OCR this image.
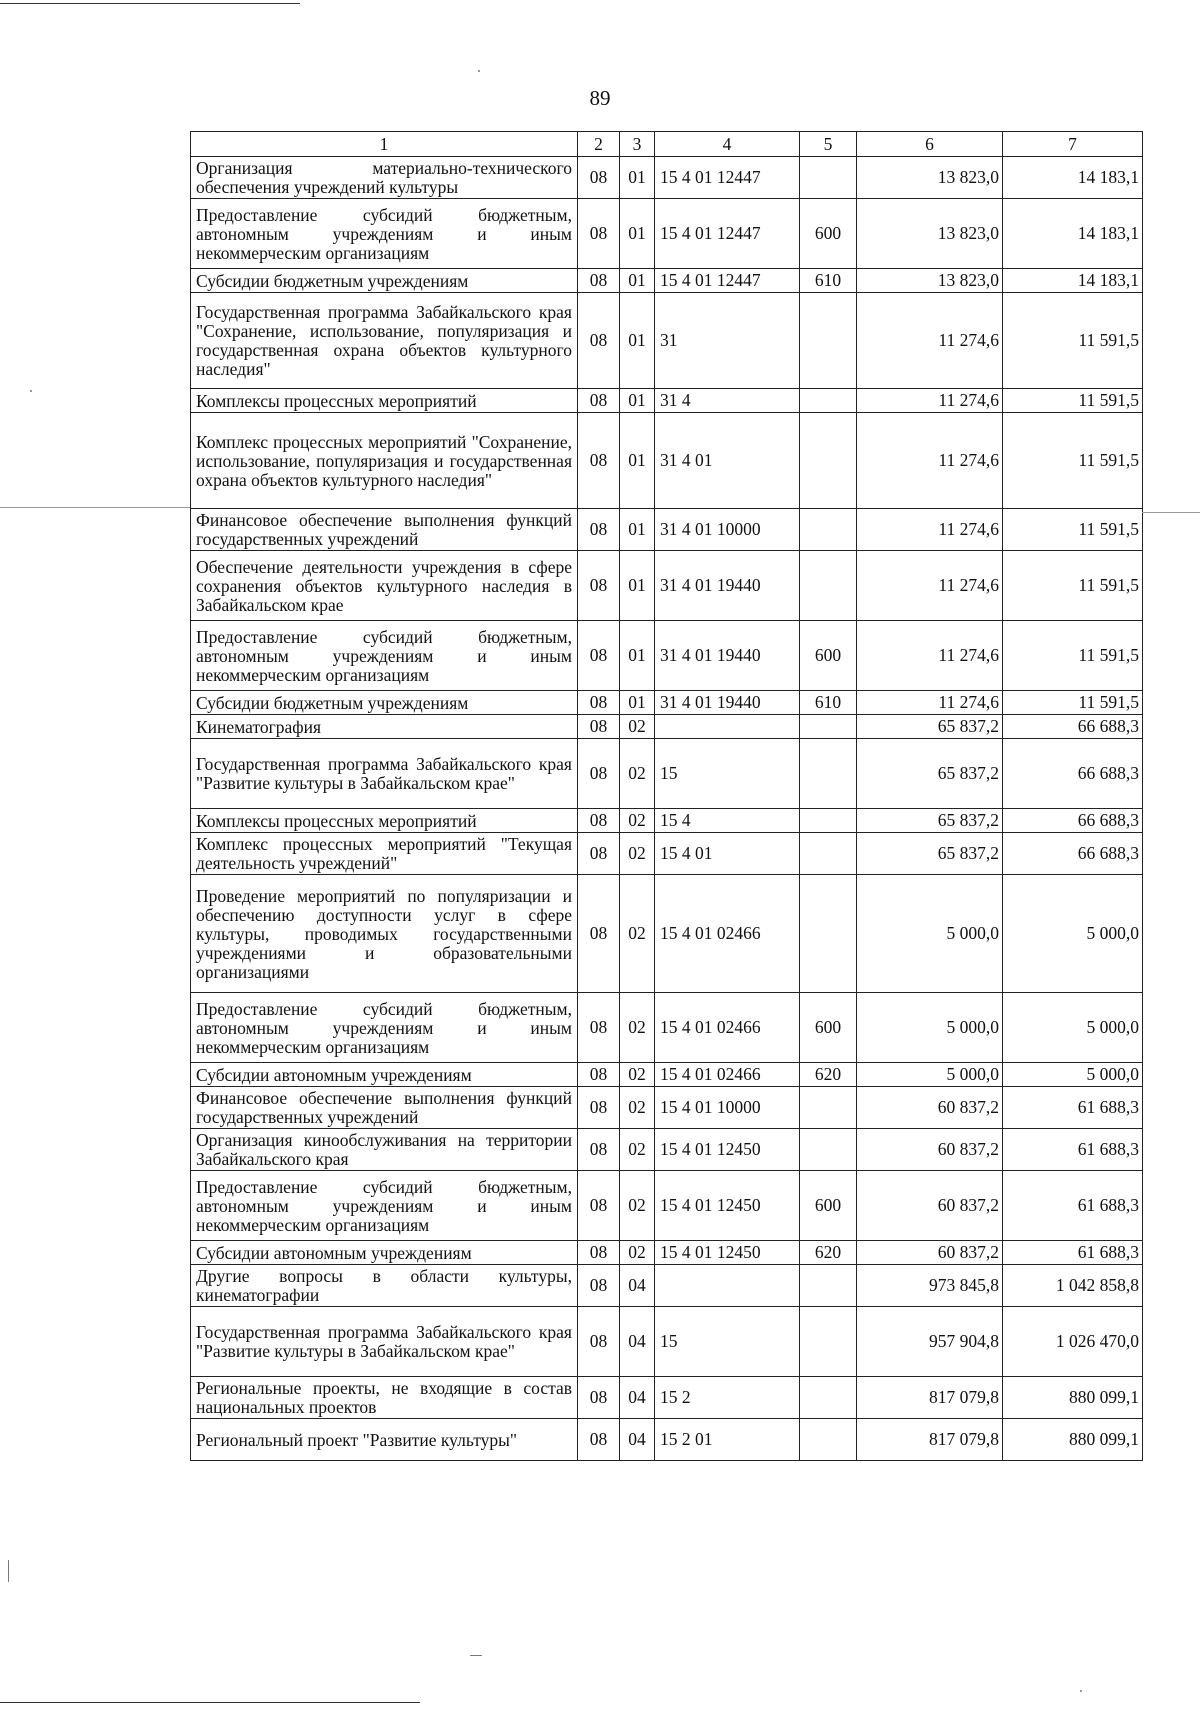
89
1	2	3	4	5	6	7
Организация материально-технического обеспечения учреждений культуры	08	01	15 4 01 12447		13 823,0	14 183,1
Предоставление субсидий бюджетным, автономным учреждениям и иным некоммерческим организациям	08	01	15 4 01 12447	600	13 823,0	14 183,1
Субсидии бюджетным учреждениям	08	01	15 4 01 12447	610	13 823,0	14 183,1
Государственная программа Забайкальского края "Сохранение, использование, популяризация и государственная охрана объектов культурного наследия"	08	01	31		11 274,6	11 591,5
Комплексы процессных мероприятий	08	01	31 4		11 274,6	11 591,5
Комплекс процессных мероприятий "Сохранение, использование, популяризация и государственная охрана объектов культурного наследия"	08	01	31 4 01		11 274,6	11 591,5
Финансовое обеспечение выполнения функций государственных учреждений	08	01	31 4 01 10000		11 274,6	11 591,5
Обеспечение деятельности учреждения в сфере сохранения объектов культурного наследия в Забайкальском крае	08	01	31 4 01 19440		11 274,6	11 591,5
Предоставление субсидий бюджетным, автономным учреждениям и иным некоммерческим организациям	08	01	31 4 01 19440	600	11 274,6	11 591,5
Субсидии бюджетным учреждениям	08	01	31 4 01 19440	610	11 274,6	11 591,5
Кинематография	08	02			65 837,2	66 688,3
Государственная программа Забайкальского края "Развитие культуры в Забайкальском крае"	08	02	15		65 837,2	66 688,3
Комплексы процессных мероприятий	08	02	15 4		65 837,2	66 688,3
Комплекс процессных мероприятий "Текущая деятельность учреждений"	08	02	15 4 01		65 837,2	66 688,3
Проведение мероприятий по популяризации и обеспечению доступности услуг в сфере культуры, проводимых государственными учреждениями и образовательными организациями	08	02	15 4 01 02466		5 000,0	5 000,0
Предоставление субсидий бюджетным, автономным учреждениям и иным некоммерческим организациям	08	02	15 4 01 02466	600	5 000,0	5 000,0
Субсидии автономным учреждениям	08	02	15 4 01 02466	620	5 000,0	5 000,0
Финансовое обеспечение выполнения функций государственных учреждений	08	02	15 4 01 10000		60 837,2	61 688,3
Организация кинообслуживания на территории Забайкальского края	08	02	15 4 01 12450		60 837,2	61 688,3
Предоставление субсидий бюджетным, автономным учреждениям и иным некоммерческим организациям	08	02	15 4 01 12450	600	60 837,2	61 688,3
Субсидии автономным учреждениям	08	02	15 4 01 12450	620	60 837,2	61 688,3
Другие вопросы в области культуры, кинематографии	08	04			973 845,8	1 042 858,8
Государственная программа Забайкальского края "Развитие культуры в Забайкальском крае"	08	04	15		957 904,8	1 026 470,0
Региональные проекты, не входящие в состав национальных проектов	08	04	15 2		817 079,8	880 099,1
Региональный проект "Развитие культуры"	08	04	15 2 01		817 079,8	880 099,1
